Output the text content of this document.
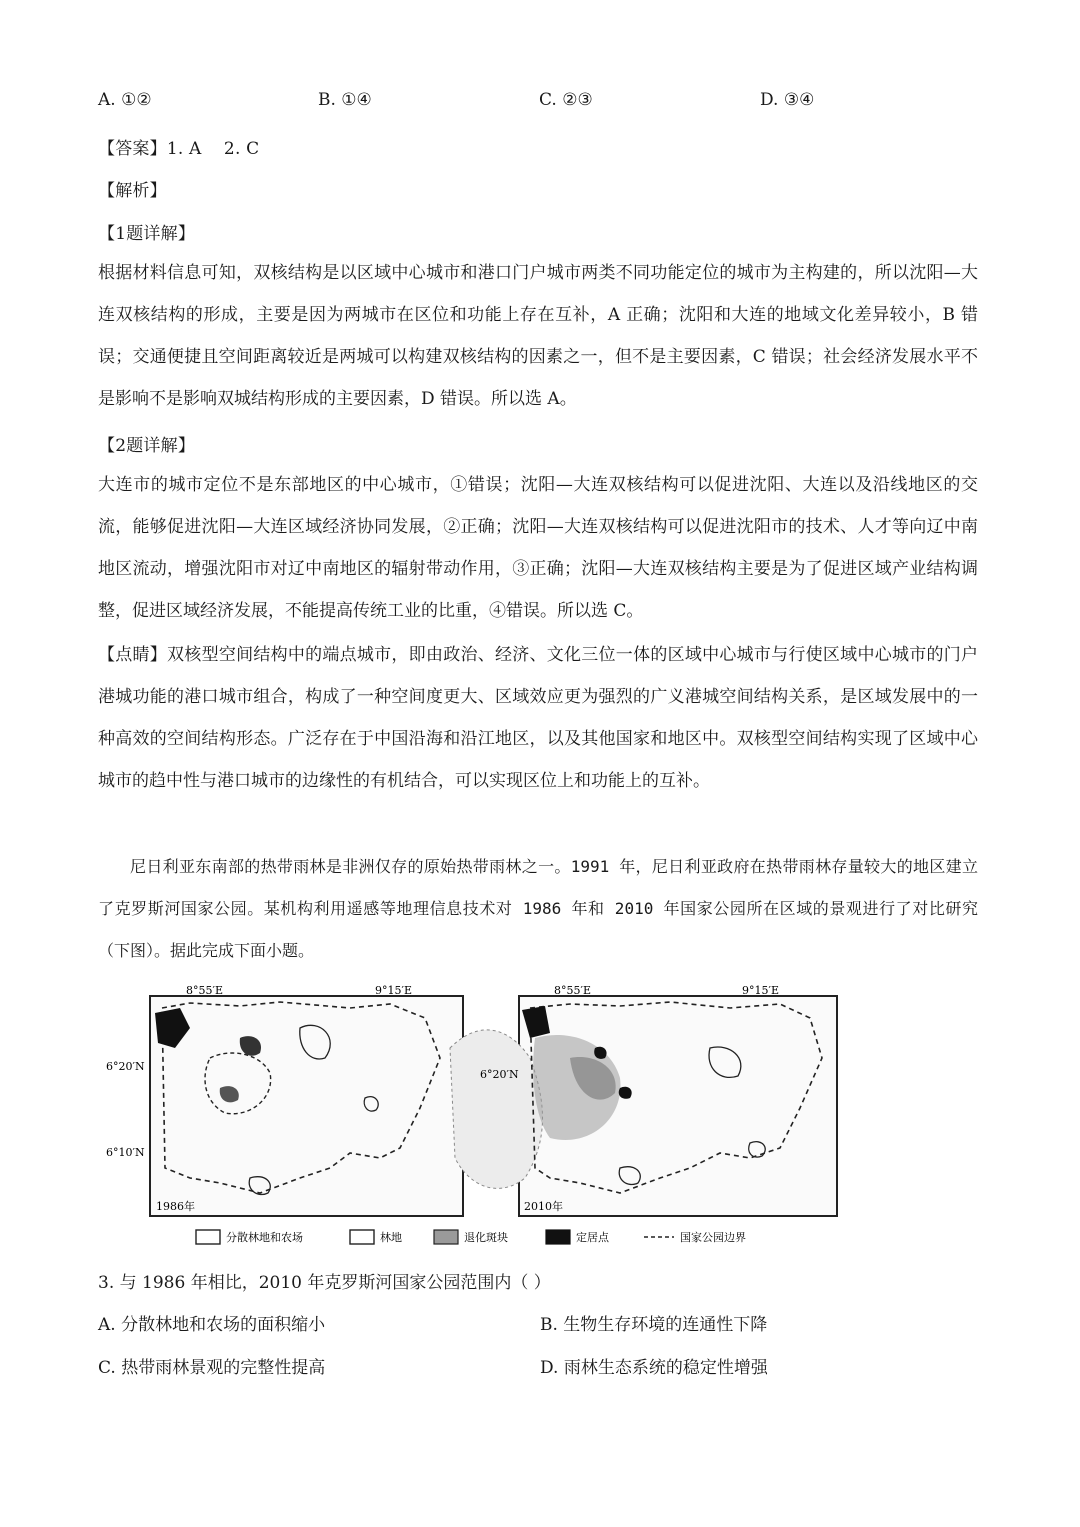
A. ①②	B. ①④	C. ②③	D. ③④
【答案】1. A    2. C
【解析】
【1题详解】
根据材料信息可知，双核结构是以区域中心城市和港口门户城市两类不同功能定位的城市为主构建的，所以沈阳—大连双核结构的形成，主要是因为两城市在区位和功能上存在互补，A 正确；沈阳和大连的地域文化差异较小，B 错误；交通便捷且空间距离较近是两城可以构建双核结构的因素之一，但不是主要因素，C 错误；社会经济发展水平不是影响不是影响双城结构形成的主要因素，D 错误。所以选 A。
【2题详解】
大连市的城市定位不是东部地区的中心城市，①错误；沈阳—大连双核结构可以促进沈阳、大连以及沿线地区的交流，能够促进沈阳—大连区域经济协同发展，②正确；沈阳—大连双核结构可以促进沈阳市的技术、人才等向辽中南地区流动，增强沈阳市对辽中南地区的辐射带动作用，③正确；沈阳—大连双核结构主要是为了促进区域产业结构调整，促进区域经济发展，不能提高传统工业的比重，④错误。所以选 C。
【点睛】双核型空间结构中的端点城市，即由政治、经济、文化三位一体的区域中心城市与行使区域中心城市的门户港城功能的港口城市组合，构成了一种空间度更大、区域效应更为强烈的广义港城空间结构关系，是区域发展中的一种高效的空间结构形态。广泛存在于中国沿海和沿江地区，以及其他国家和地区中。双核型空间结构实现了区域中心城市的趋中性与港口城市的边缘性的有机结合，可以实现区位上和功能上的互补。
尼日利亚东南部的热带雨林是非洲仅存的原始热带雨林之一。1991 年，尼日利亚政府在热带雨林存量较大的地区建立了克罗斯河国家公园。某机构利用遥感等地理信息技术对 1986 年和 2010 年国家公园所在区域的景观进行了对比研究（下图）。据此完成下面小题。
8°55′E	9°15′E
6°20′N
6°10′N
1986年
8°55′E	9°15′E
6°20′N
2010年
分散林地和农场	林地	退化斑块	定居点	国家公园边界
3. 与 1986 年相比，2010 年克罗斯河国家公园范围内（ ）
A. 分散林地和农场的面积缩小	B. 生物生存环境的连通性下降
C. 热带雨林景观的完整性提高	D. 雨林生态系统的稳定性增强
